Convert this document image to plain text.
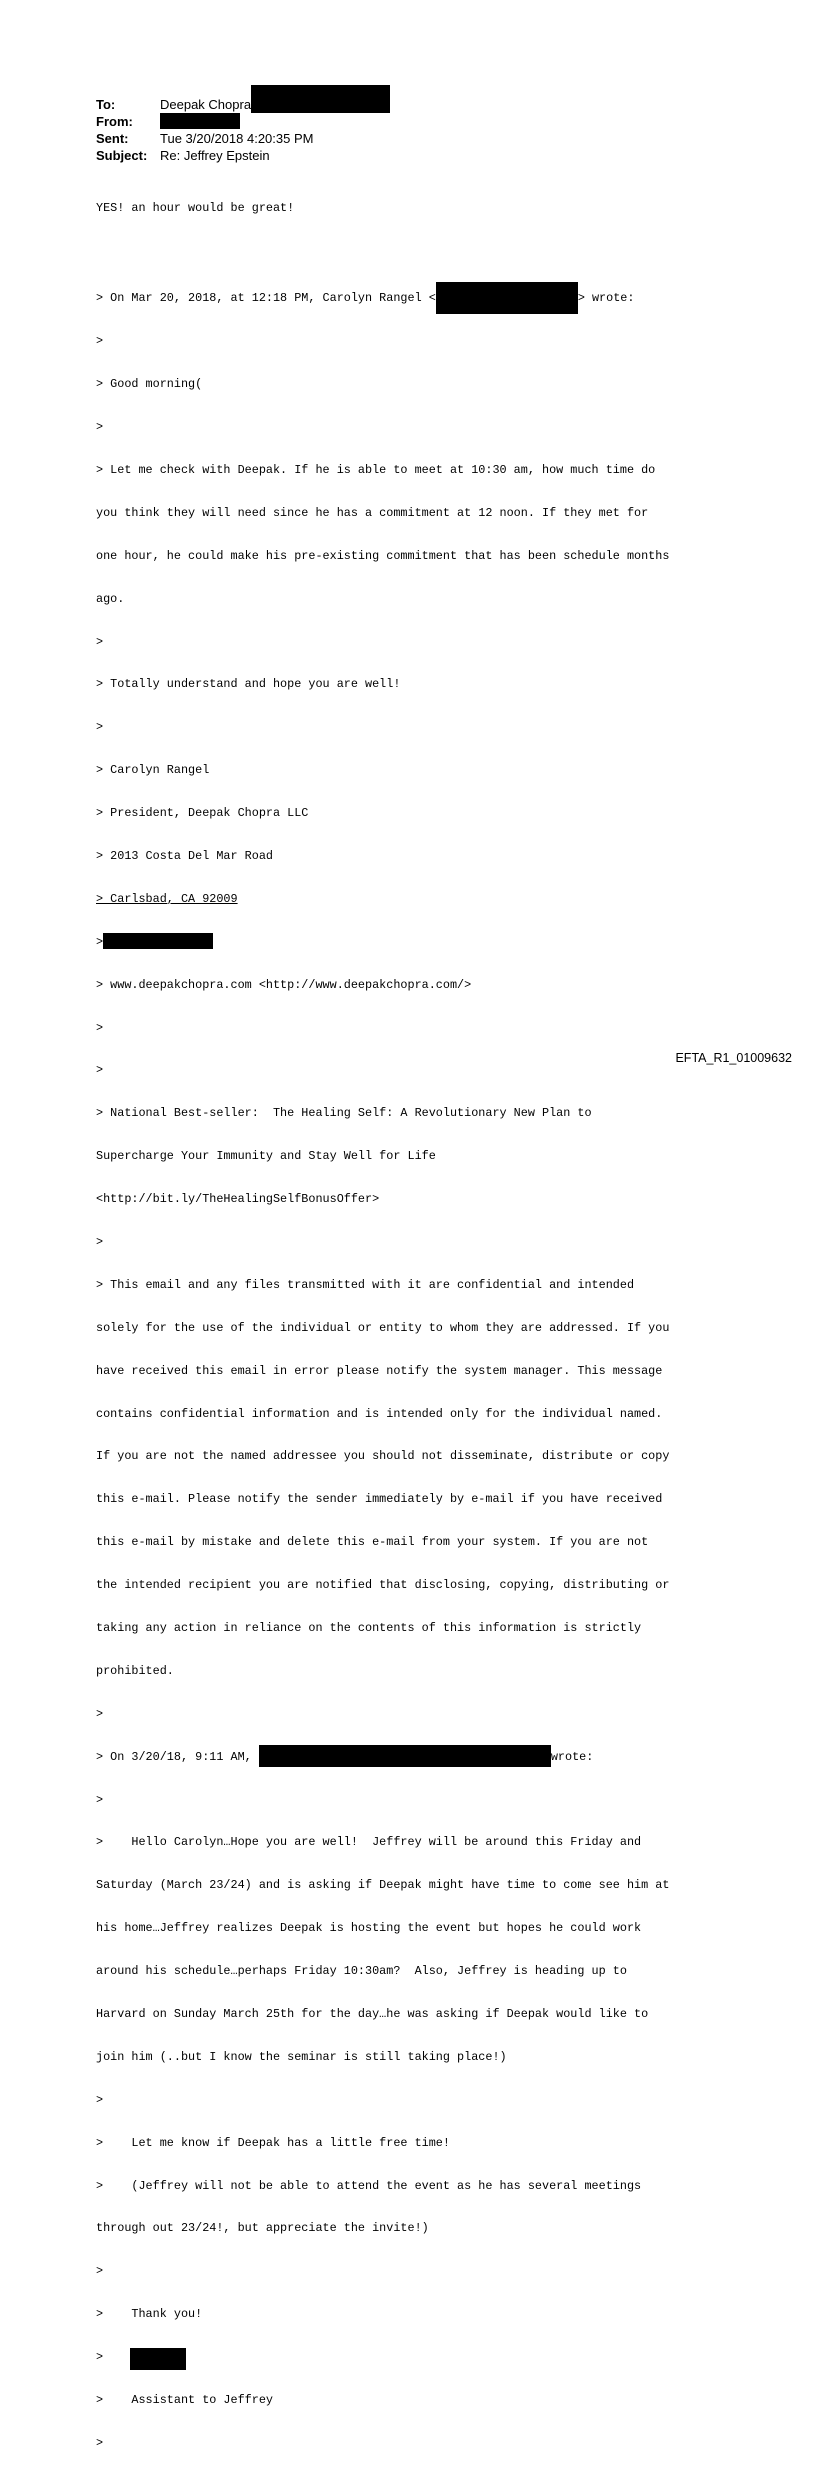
To:	Deepak Chopra
From:
Sent: Tue 3/20/2018 4:20:35 PM
Subject: Re: Jeffrey Epstein

YES! an hour would be great!

> On Mar 20, 2018, at 12:18 PM, Carolyn Rangel <	> wrote:

>

> Good morning(

>

> Let me check with Deepak. If he is able to meet at 10:30 am, how much time do

you think they will need since he has a commitment at 12 noon. If they met for

one hour, he could make his pre-existing commitment that has been schedule months

ago.

>

> Totally understand and hope you are well!

>

> Carolyn Rangel

> President, Deepak Chopra LLC

> 2013 Costa Del Mar Road

> Carlsbad, CA 92009

>

> www.deepakchopra.com <http://www.deepakchopra.com/>

>

>

> National Best-seller:  The Healing Self: A Revolutionary New Plan to

Supercharge Your Immunity and Stay Well for Life

<http://bit.ly/TheHealingSelfBonusOffer>

>

> This email and any files transmitted with it are confidential and intended

solely for the use of the individual or entity to whom they are addressed. If you

have received this email in error please notify the system manager. This message

contains confidential information and is intended only for the individual named.

If you are not the named addressee you should not disseminate, distribute or copy

this e-mail. Please notify the sender immediately by e-mail if you have received

this e-mail by mistake and delete this e-mail from your system. If you are not

the intended recipient you are notified that disclosing, copying, distributing or

taking any action in reliance on the contents of this information is strictly

prohibited.

>

> On 3/20/18, 9:11 AM,	wrote:

>

>    Hello Carolyn…Hope you are well!  Jeffrey will be around this Friday and

Saturday (March 23/24) and is asking if Deepak might have time to come see him at

his home…Jeffrey realizes Deepak is hosting the event but hopes he could work

around his schedule…perhaps Friday 10:30am?  Also, Jeffrey is heading up to

Harvard on Sunday March 25th for the day…he was asking if Deepak would like to

join him (..but I know the seminar is still taking place!)

>

>    Let me know if Deepak has a little free time!

>    (Jeffrey will not be able to attend the event as he has several meetings

through out 23/24!, but appreciate the invite!)

>

>    Thank you!

>

>    Assistant to Jeffrey

>

EFTA_R1_01009632
